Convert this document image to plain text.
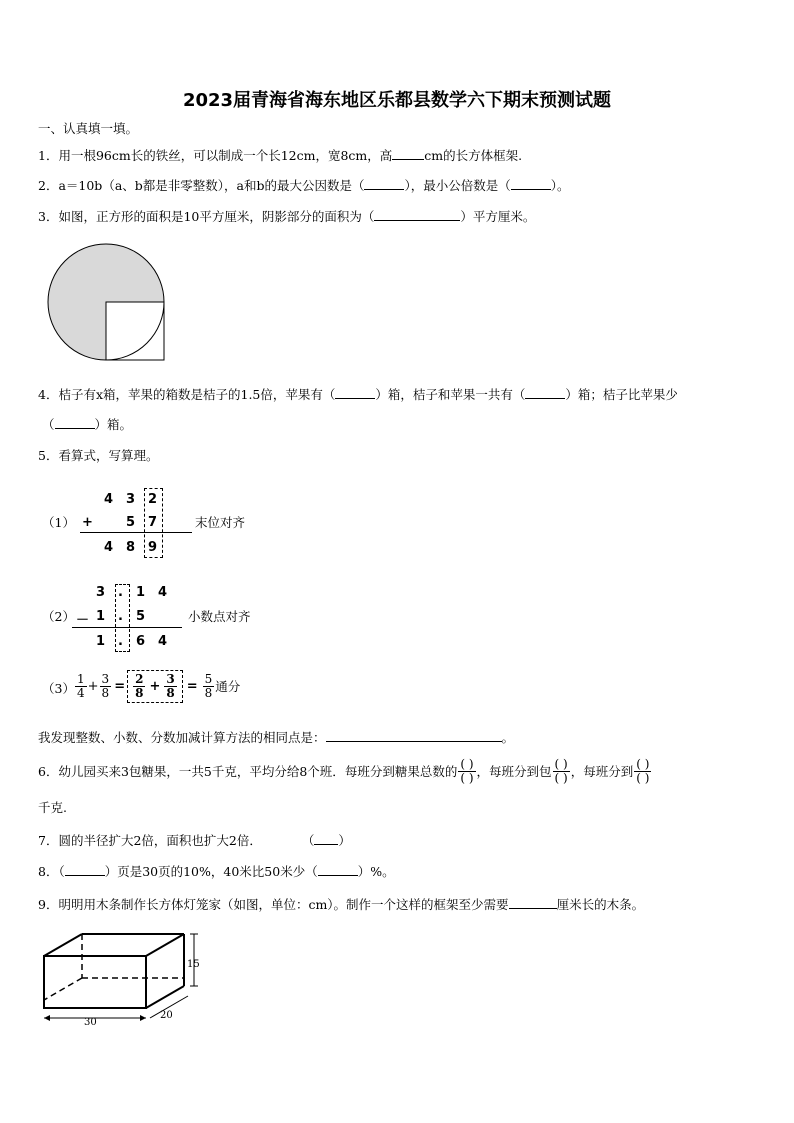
2023届青海省海东地区乐都县数学六下期末预测试题
一、认真填一填。
1．用一根96cm长的铁丝，可以制成一个长12cm，宽8cm，高	cm的长方体框架.
2．a＝10b（a、b都是非零整数），a和b的最大公因数是（	），最小公倍数是（	）。
3．如图，正方形的面积是10平方厘米，阴影部分的面积为（	）平方厘米。
4．桔子有x箱，苹果的箱数是桔子的1.5倍，苹果有（	）箱，桔子和苹果一共有（	）箱；桔子比苹果少
（	）箱。
5．看算式，写算理。
（1）
4 3 2
+	5 7
4 8 9
末位对齐
（2）
3 . 1 4
－ 1 . 5
1 . 6 4
小数点对齐
$(3) \frac{1}{4} + \frac{3}{8} = \frac{2}{8} + \frac{3}{8} = \frac{5}{8}$ 通分
我发现整数、小数、分数加减计算方法的相同点是：	。
6．幼儿园买来3包糖果，一共5千克，平均分给8个班．每班分到糖果总数的 $\frac{( )}{( )}$ ，每班分到包 $\frac{( )}{( )}$ ，每班分到 $\frac{( )}{( )}$
千克.
7．圆的半径扩大2倍，面积也扩大2倍．	（ ）
8．（	）页是30页的10%，40米比50米少（	）%。
9．明明用木条制作长方体灯笼家（如图，单位：cm）。制作一个这样的框架至少需要	厘米长的木条。
15
30
20
